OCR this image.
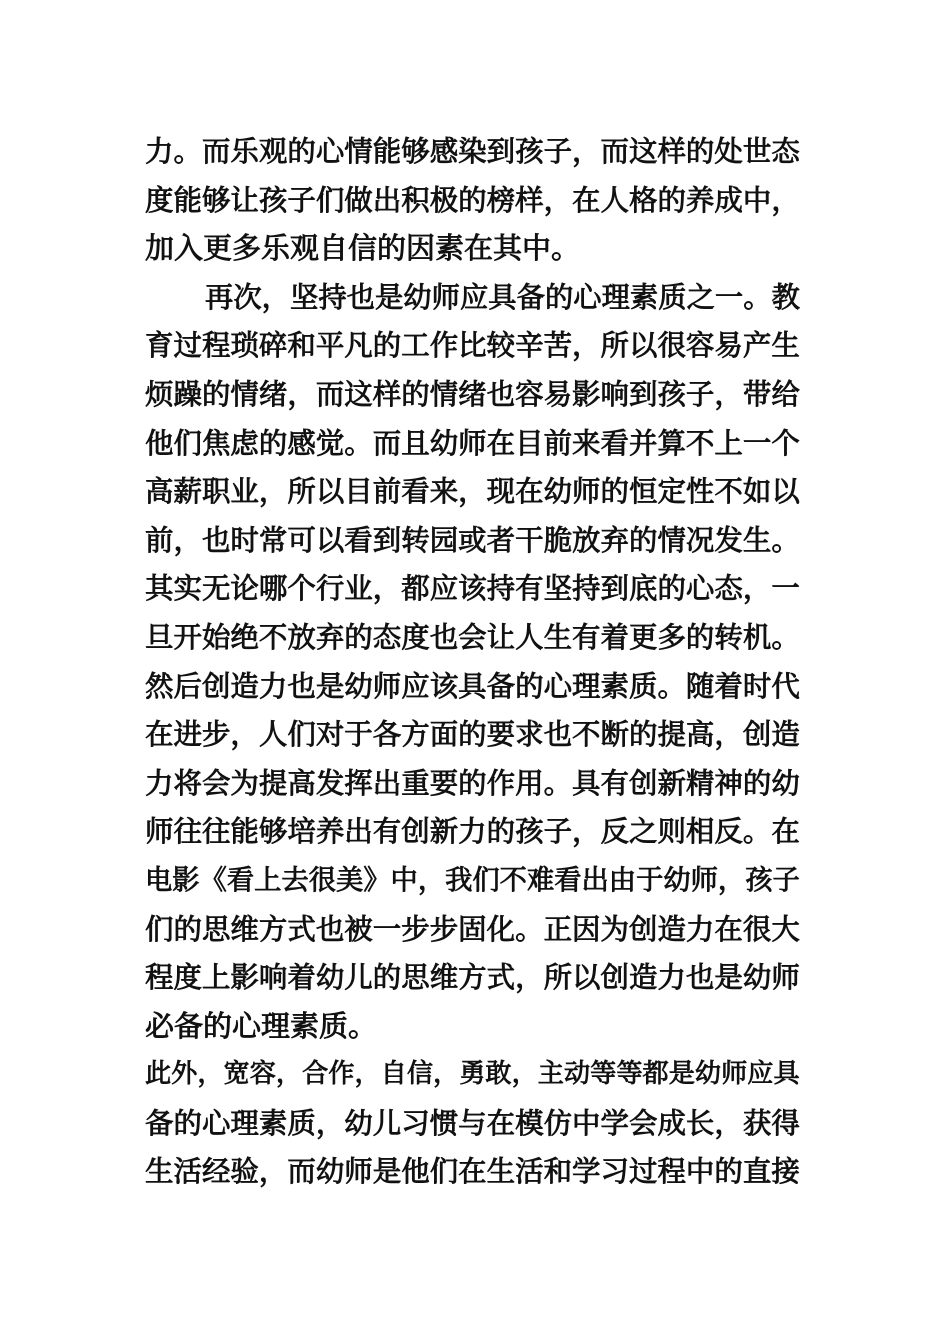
力。而乐观的心情能够感染到孩子，而这样的处世态
度能够让孩子们做出积极的榜样，在人格的养成中，
加入更多乐观自信的因素在其中。
再次，坚持也是幼师应具备的心理素质之一。教
育过程琐碎和平凡的工作比较辛苦，所以很容易产生
烦躁的情绪，而这样的情绪也容易影响到孩子，带给
他们焦虑的感觉。而且幼师在目前来看并算不上一个
高薪职业，所以目前看来，现在幼师的恒定性不如以
前，也时常可以看到转园或者干脆放弃的情况发生。
其实无论哪个行业，都应该持有坚持到底的心态，一
旦开始绝不放弃的态度也会让人生有着更多的转机。
然后创造力也是幼师应该具备的心理素质。随着时代
在进步，人们对于各方面的要求也不断的提高，创造
力将会为提高发挥出重要的作用。具有创新精神的幼
师往往能够培养出有创新力的孩子，反之则相反。在
电影《看上去很美》中，我们不难看出由于幼师，孩子
们的思维方式也被一步步固化。正因为创造力在很大
程度上影响着幼儿的思维方式，所以创造力也是幼师
必备的心理素质。
此外，宽容，合作，自信，勇敢，主动等等都是幼师应具
备的心理素质，幼儿习惯与在模仿中学会成长，获得
生活经验，而幼师是他们在生活和学习过程中的直接
